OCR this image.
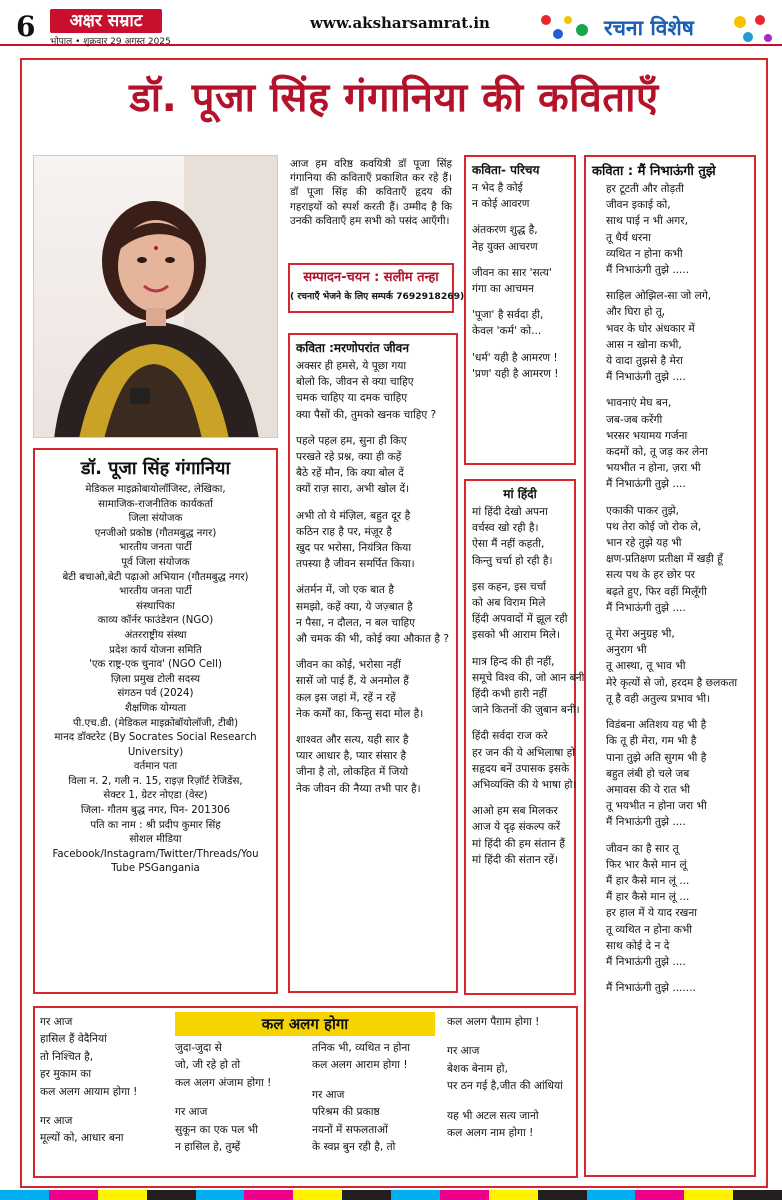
6	अक्षर सम्राट
भोपाल • शुक्रवार 29 अगस्त 2025
www.aksharsamrat.in	रचना विशेष
डॉ. पूजा सिंह गंगानिया की कविताएँ
डॉ. पूजा सिंह गंगानिया
मेडिकल माइक्रोबायोलॉजिस्ट, लेखिका,
सामाजिक-राजनीतिक कार्यकर्ता
जिला संयोजक
एनजीओ प्रकोष्ठ (गौतमबुद्ध नगर)
भारतीय जनता पार्टी
पूर्व जिला संयोजक
बेटी बचाओ,बेटी पढ़ाओ अभियान (गौतमबुद्ध नगर)
भारतीय जनता पार्टी
संस्थापिका
काव्य कॉर्नर फाउंडेशन (NGO)
अंतरराष्ट्रीय संस्था
प्रदेश कार्य योजना समिति
'एक राष्ट्र-एक चुनाव' (NGO Cell)
ज़िला प्रमुख टोली सदस्य
संगठन पर्व (2024)
शैक्षणिक योग्यता
पी.एच.डी. (मेडिकल माइक्रोबॉयोलॉजी, टीबी)
मानद डॉक्टरेट (By Socrates Social Research
University)
वर्तमान पता
विला न. 2, गली न. 15, राइज़ रिज़ॉर्ट रेजिडेंस,
सेक्टर 1, ग्रेटर नोएडा (वेस्ट)
जिला- गौतम बुद्ध नगर, पिन- 201306
पति का नाम : श्री प्रदीप कुमार सिंह
सोशल मीडिया
Facebook/Instagram/Twitter/Threads/You
Tube PSGangania
आज हम वरिष्ठ कवयित्री डॉ पूजा सिंह गंगानिया की कविताएँ प्रकाशित कर रहे हैं। डॉ पूजा सिंह की कविताएँ हृदय की गहराइयों को स्पर्श करती हैं। उम्मीद है कि उनकी कविताएँ हम सभी को पसंद आएँगी।
सम्पादन-चयन : सलीम तन्हा
( रचनाएँ भेजने के लिए सम्पर्क 7692918269)
कविता :मरणोपरांत जीवन
अक्सर ही हमसे, ये पूछा गया
बोलो कि, जीवन से क्या चाहिए
चमक चाहिए या दमक चाहिए
क्या पैसों की, तुमको खनक चाहिए ?
पहले पहल हम, सुना ही किए
परखते रहे प्रश्न, क्या ही कहें
बैठे रहें मौन, कि क्या बोल दें
क्यों राज़ सारा, अभी खोल दें।
अभी तो ये मंज़िल, बहुत दूर है
कठिन राह है पर, मंज़ूर है
खुद पर भरोसा, नियंत्रित किया
तपस्या है जीवन समर्पित किया।
अंतर्मन में, जो एक बात है
समझो, कहें क्या, ये जज़्बात है
न पैसा, न दौलत, न बल चाहिए
औ चमक की भी, कोई क्या औकात है ?
जीवन का कोई, भरोसा नहीं
सासें जो पाई हैं, ये अनमोल हैं
कल इस जहां में, रहें न रहें
नेक कर्मों का, किन्तु सदा मोल है।
शाश्वत और सत्य, यही सार है
प्यार आधार है, प्यार संसार है
जीना है तो, लोकहित में जियो
नेक जीवन की नैय्या तभी पार है।
कविता- परिचय
न भेद है कोई
न कोई आवरण
अंतकरण शुद्ध है,
नेह युक्त आचरण
जीवन का सार 'सत्य'
गंगा का आचमन
'पूजा' है सर्वदा ही,
केवल 'कर्म' को...
'धर्म' यही है आमरण !
'प्रण' यही है आमरण !
मां हिंदी
मां हिंदी देखो अपना
वर्चस्व खो रही है।
ऐसा मैं नहीं कहती,
किन्तु चर्चा हो रही है।
इस कहन, इस चर्चा
को अब विराम मिले
हिंदी अपवादों में झूल रही
इसको भी आराम मिले।
मात्र हिन्द की ही नहीं,
समूचे विश्व की, जो आन बनी
हिंदी कभी हारी नहीं
जाने कितनों की ज़ुबान बनी।
हिंदी सर्वदा राज करे
हर जन की ये अभिलाषा हो
सहृदय बनें उपासक इसके
अभिव्यक्ति की ये भाषा हो।
आओ हम सब मिलकर
आज ये दृढ़ संकल्प करें
मां हिंदी की हम संतान हैं
मां हिंदी की संतान रहें।
कविता : मैं निभाऊंगी तुझे
हर टूटती और तोड़ती
जीवन इकाई को,
साथ पाई न भी अगर,
तू धैर्य धरना
व्यथित न होना कभी
मैं निभाऊंगी तुझे .....
साहिल ओझिल-सा जो लगे,
और घिरा हो तू,
भवर के घोर अंधकार में
आस न खोना कभी,
ये वादा तुझसे है मेरा
मैं निभाऊंगी तुझे ....
भावनाएं मेघ बन,
जब-जब करेंगी
भरसर भयामय गर्जना
कदमों को, तू जड़ कर लेना
भयभीत न होना, ज़रा भी
मैं निभाऊंगी तुझे ....
एकाकी पाकर तुझे,
पथ तेरा कोई जो रोक ले,
भान रहे तुझे यह भी
क्षण-प्रतिक्षण प्रतीक्षा में खड़ी हूँ
सत्य पथ के हर छोर पर
बढ़ते हुए, फिर वहीं मिलूँगी
मैं निभाऊंगी तुझे ....
तू मेरा अनुग्रह भी,
अनुराग भी
तू आस्था, तू भाव भी
मेरे कृत्यों से जो, हरदम है छलकता
तू है वही अतुल्य प्रभाव भी।
विडंबना अतिशय यह भी है
कि तू ही मेरा, गम भी है
पाना तुझे अति सुगम भी है
बहुत लंबी हो चले जब
अमावस की ये रात भी
तू भयभीत न होना जरा भी
मैं निभाऊंगी तुझे ....
जीवन का है सार तू
फिर भार कैसे मान लूं
मैं हार कैसे मान लूं ...
मैं हार कैसे मान लूं ...
हर हाल में ये याद रखना
तू व्यथित न होना कभी
साथ कोई दे न दे
मैं निभाऊंगी तुझे ....
मैं निभाऊंगी तुझे .......
कल अलग होगा
गर आज
हासिल हैं वेदैनियां
तो निश्चित है,
हर मुकाम का
कल अलग आयाम होगा !
गर आज
मूल्यों को, आधार बना
जुदा-जुदा से
जो, जी रहे हो तो
कल अलग अंजाम होगा !
गर आज
सुकून का एक पल भी
न हासिल हे, तुम्हें
तनिक भी, व्यथित न होना
कल अलग आराम होगा !
गर आज
परिश्रम की प्रकाष्ठ
नयनों में सफलताओं
के स्वप्न बुन रही है, तो
कल अलग पैग़ाम होगा !
गर आज
बेशक बेनाम हो,
पर ठन गई है,जीत की आंधियां
यह भी अटल सत्य जानो
कल अलग नाम होगा !
